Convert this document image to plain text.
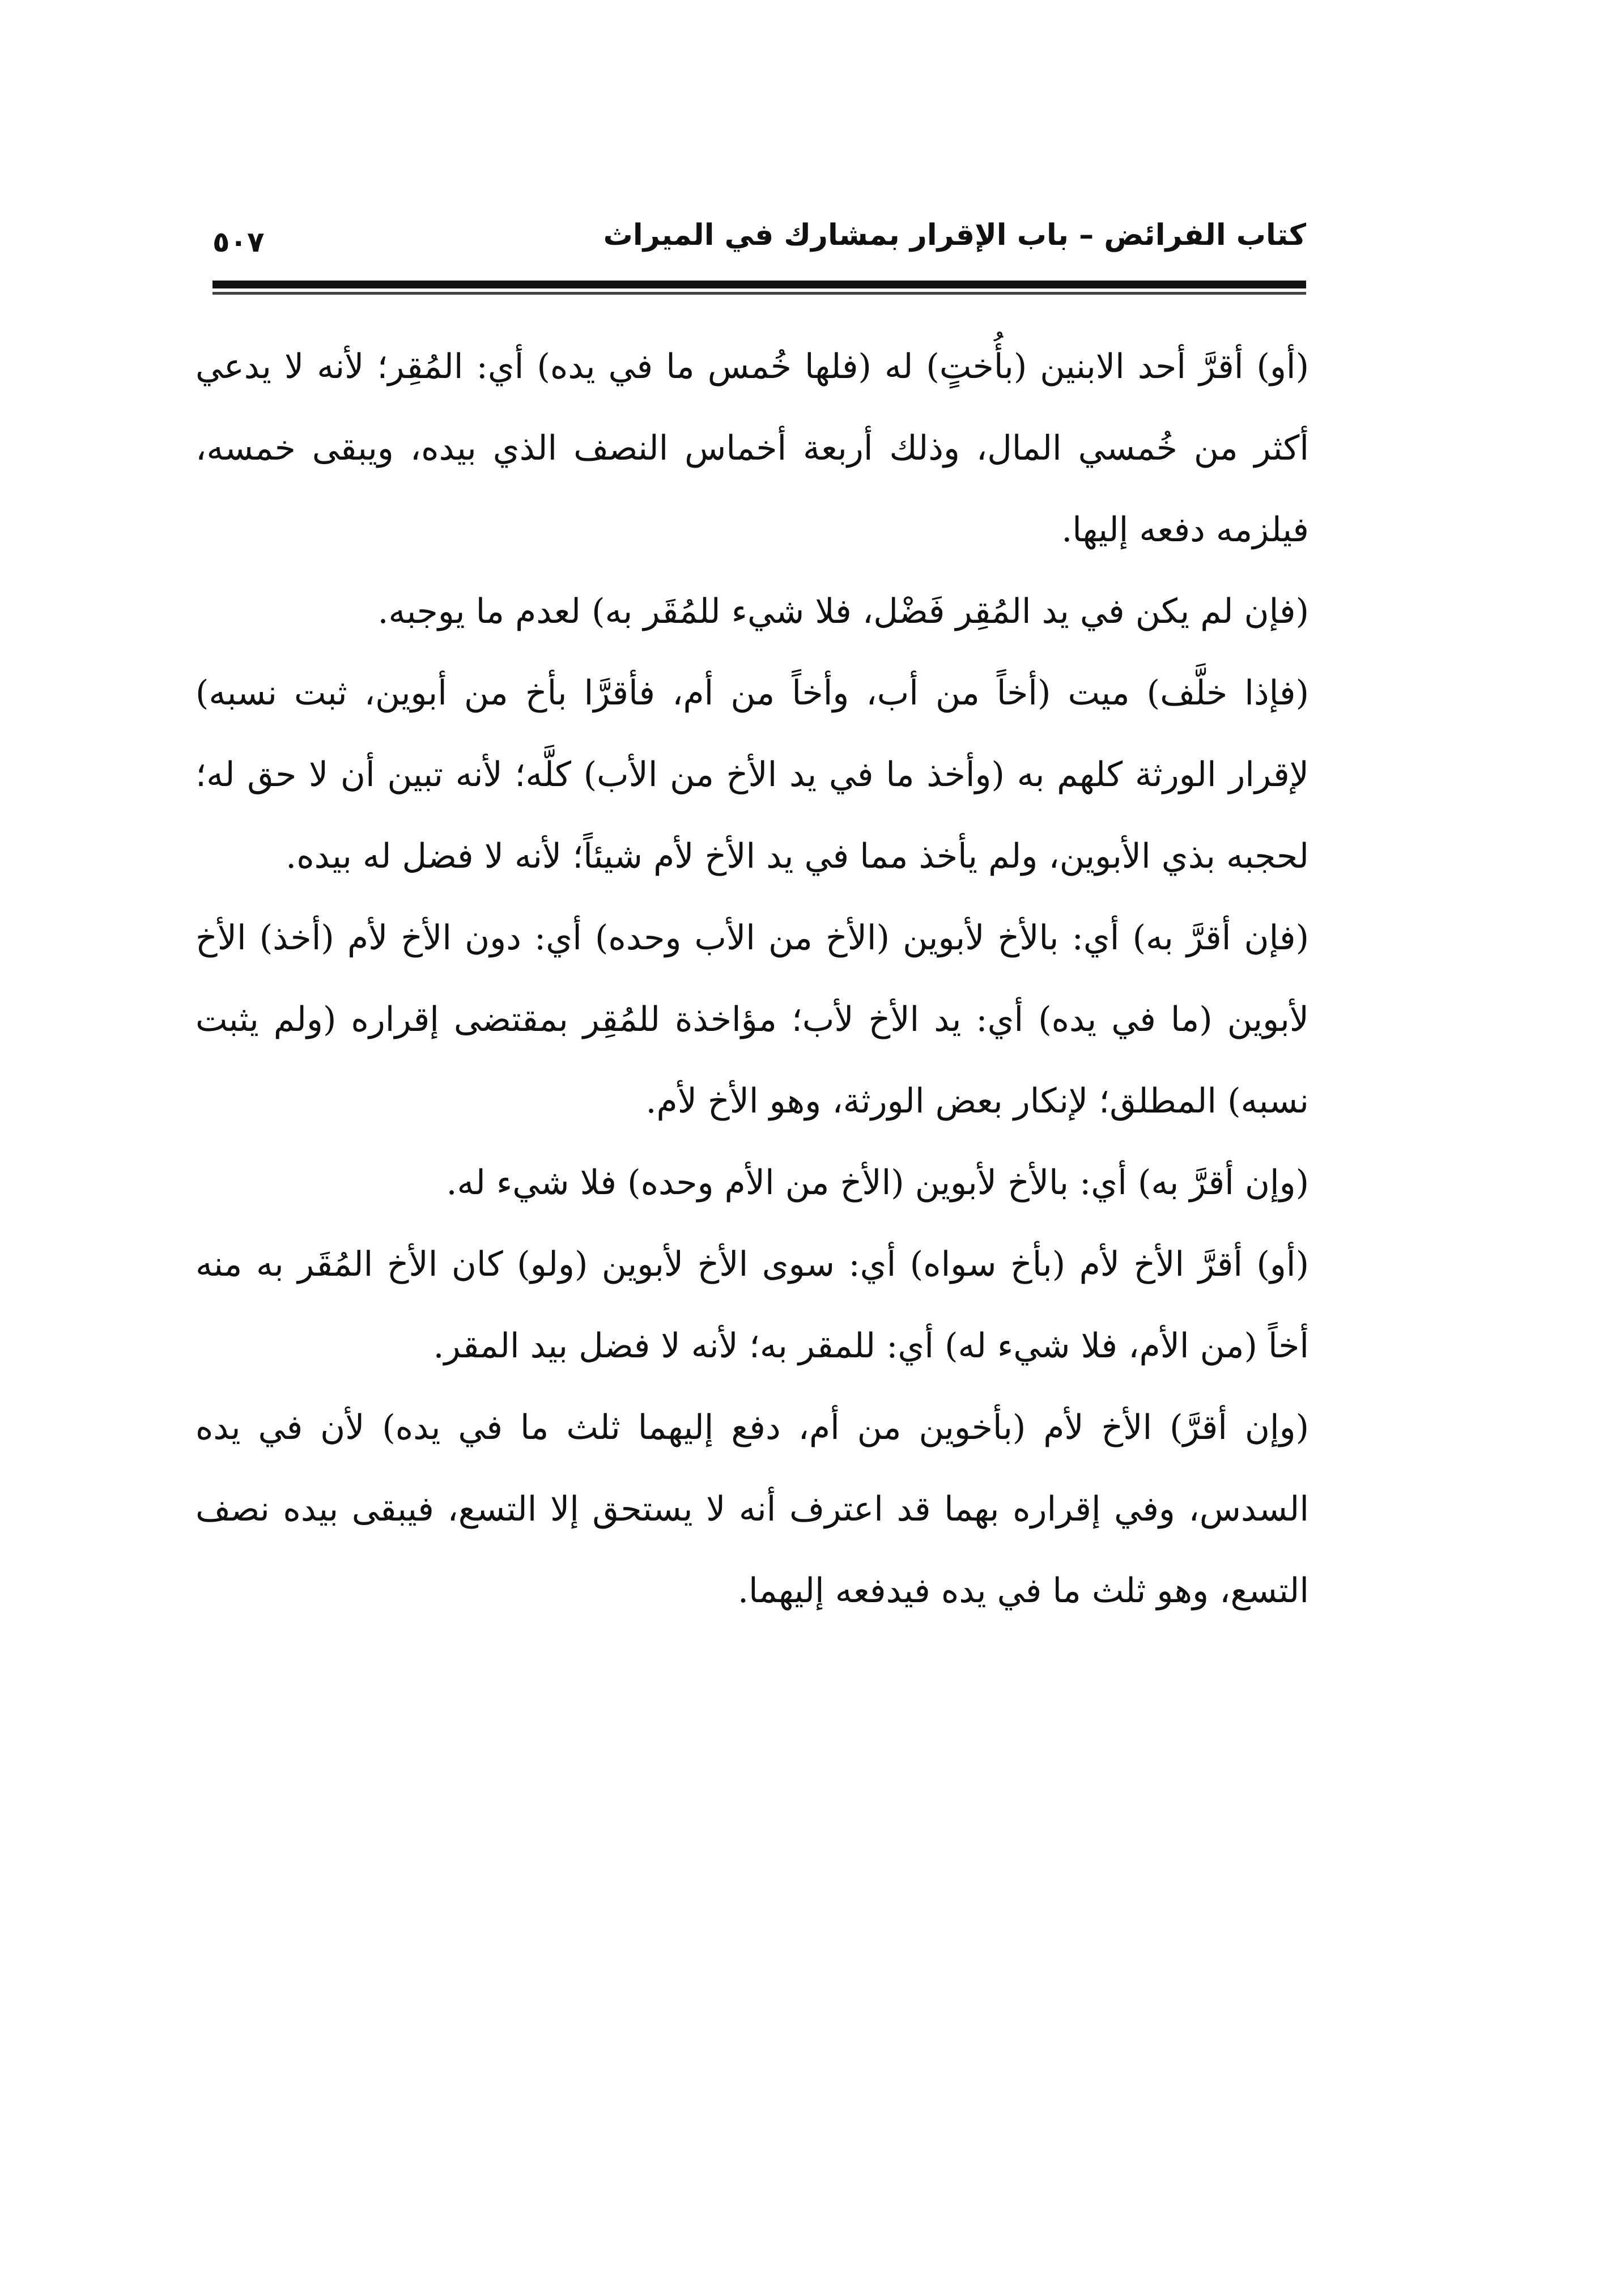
كتاب الفرائض – باب الإقرار بمشارك في الميراث
٥٠٧

(أو) أقرَّ أحد الابنين (بأُختٍ) له (فلها خُمس ما في يده) أي: المُقِر؛ لأنه لا يدعي أكثر من خُمسي المال، وذلك أربعة أخماس النصف الذي بيده، ويبقى خمسه، فيلزمه دفعه إليها.

(فإن لم يكن في يد المُقِر فَضْل، فلا شيء للمُقَر به) لعدم ما يوجبه.

(فإذا خلَّف) ميت (أخاً من أب، وأخاً من أم، فأقرَّا بأخ من أبوين، ثبت نسبه) لإقرار الورثة كلهم به (وأخذ ما في يد الأخ من الأب) كلَّه؛ لأنه تبين أن لا حق له؛ لحجبه بذي الأبوين، ولم يأخذ مما في يد الأخ لأم شيئاً؛ لأنه لا فضل له بيده.

(فإن أقرَّ به) أي: بالأخ لأبوين (الأخ من الأب وحده) أي: دون الأخ لأم (أخذ) الأخ لأبوين (ما في يده) أي: يد الأخ لأب؛ مؤاخذة للمُقِر بمقتضى إقراره (ولم يثبت نسبه) المطلق؛ لإنكار بعض الورثة، وهو الأخ لأم.

(وإن أقرَّ به) أي: بالأخ لأبوين (الأخ من الأم وحده) فلا شيء له.

(أو) أقرَّ الأخ لأم (بأخ سواه) أي: سوى الأخ لأبوين (ولو) كان الأخ المُقَر به منه أخاً (من الأم، فلا شيء له) أي: للمقر به؛ لأنه لا فضل بيد المقر.

(وإن أقرَّ) الأخ لأم (بأخوين من أم، دفع إليهما ثلث ما في يده) لأن في يده السدس، وفي إقراره بهما قد اعترف أنه لا يستحق إلا التسع، فيبقى بيده نصف التسع، وهو ثلث ما في يده فيدفعه إليهما.
